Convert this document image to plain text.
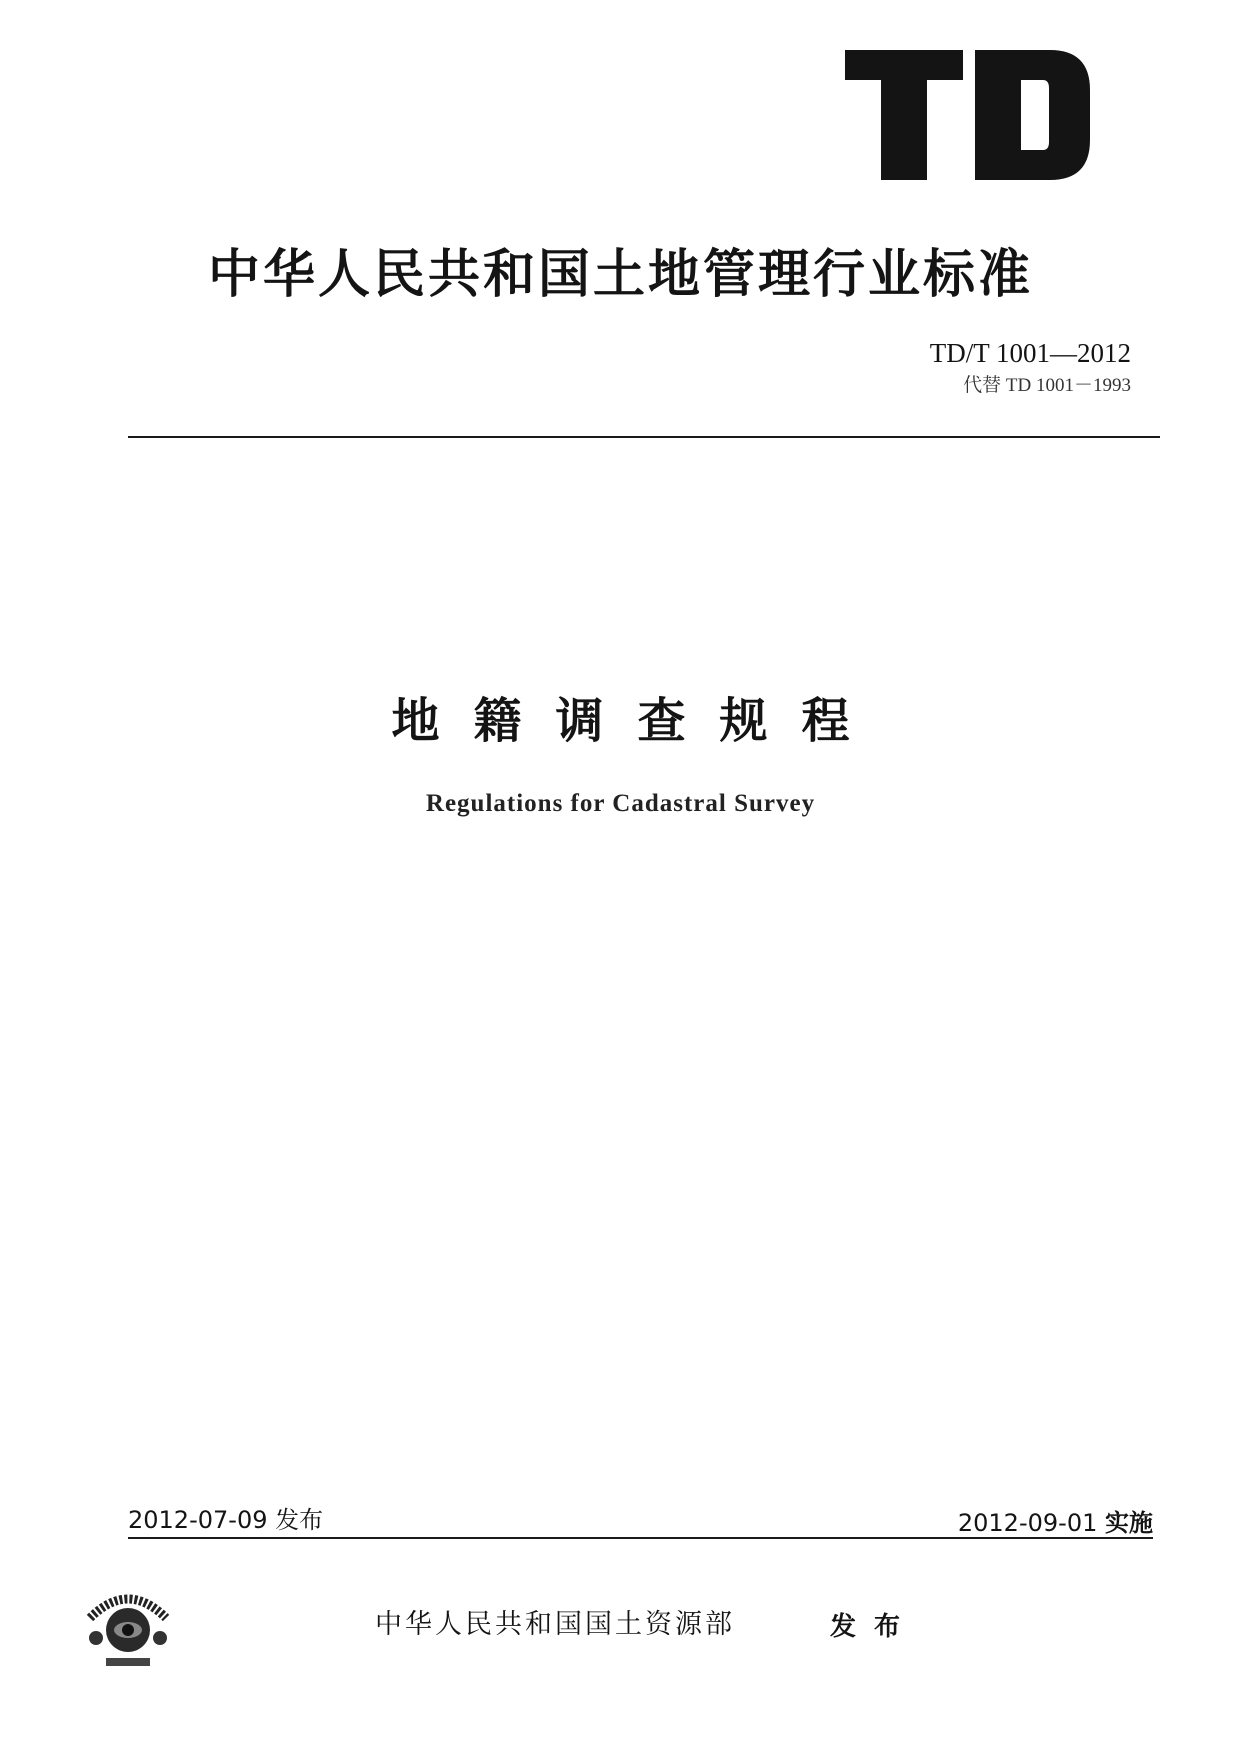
中华人民共和国土地管理行业标准
TD/T 1001—2012
代替 TD 1001－1993
地籍调查规程
Regulations for Cadastral Survey
2012-07-09 发布	2012-09-01 实施
中华人民共和国国土资源部	发布
